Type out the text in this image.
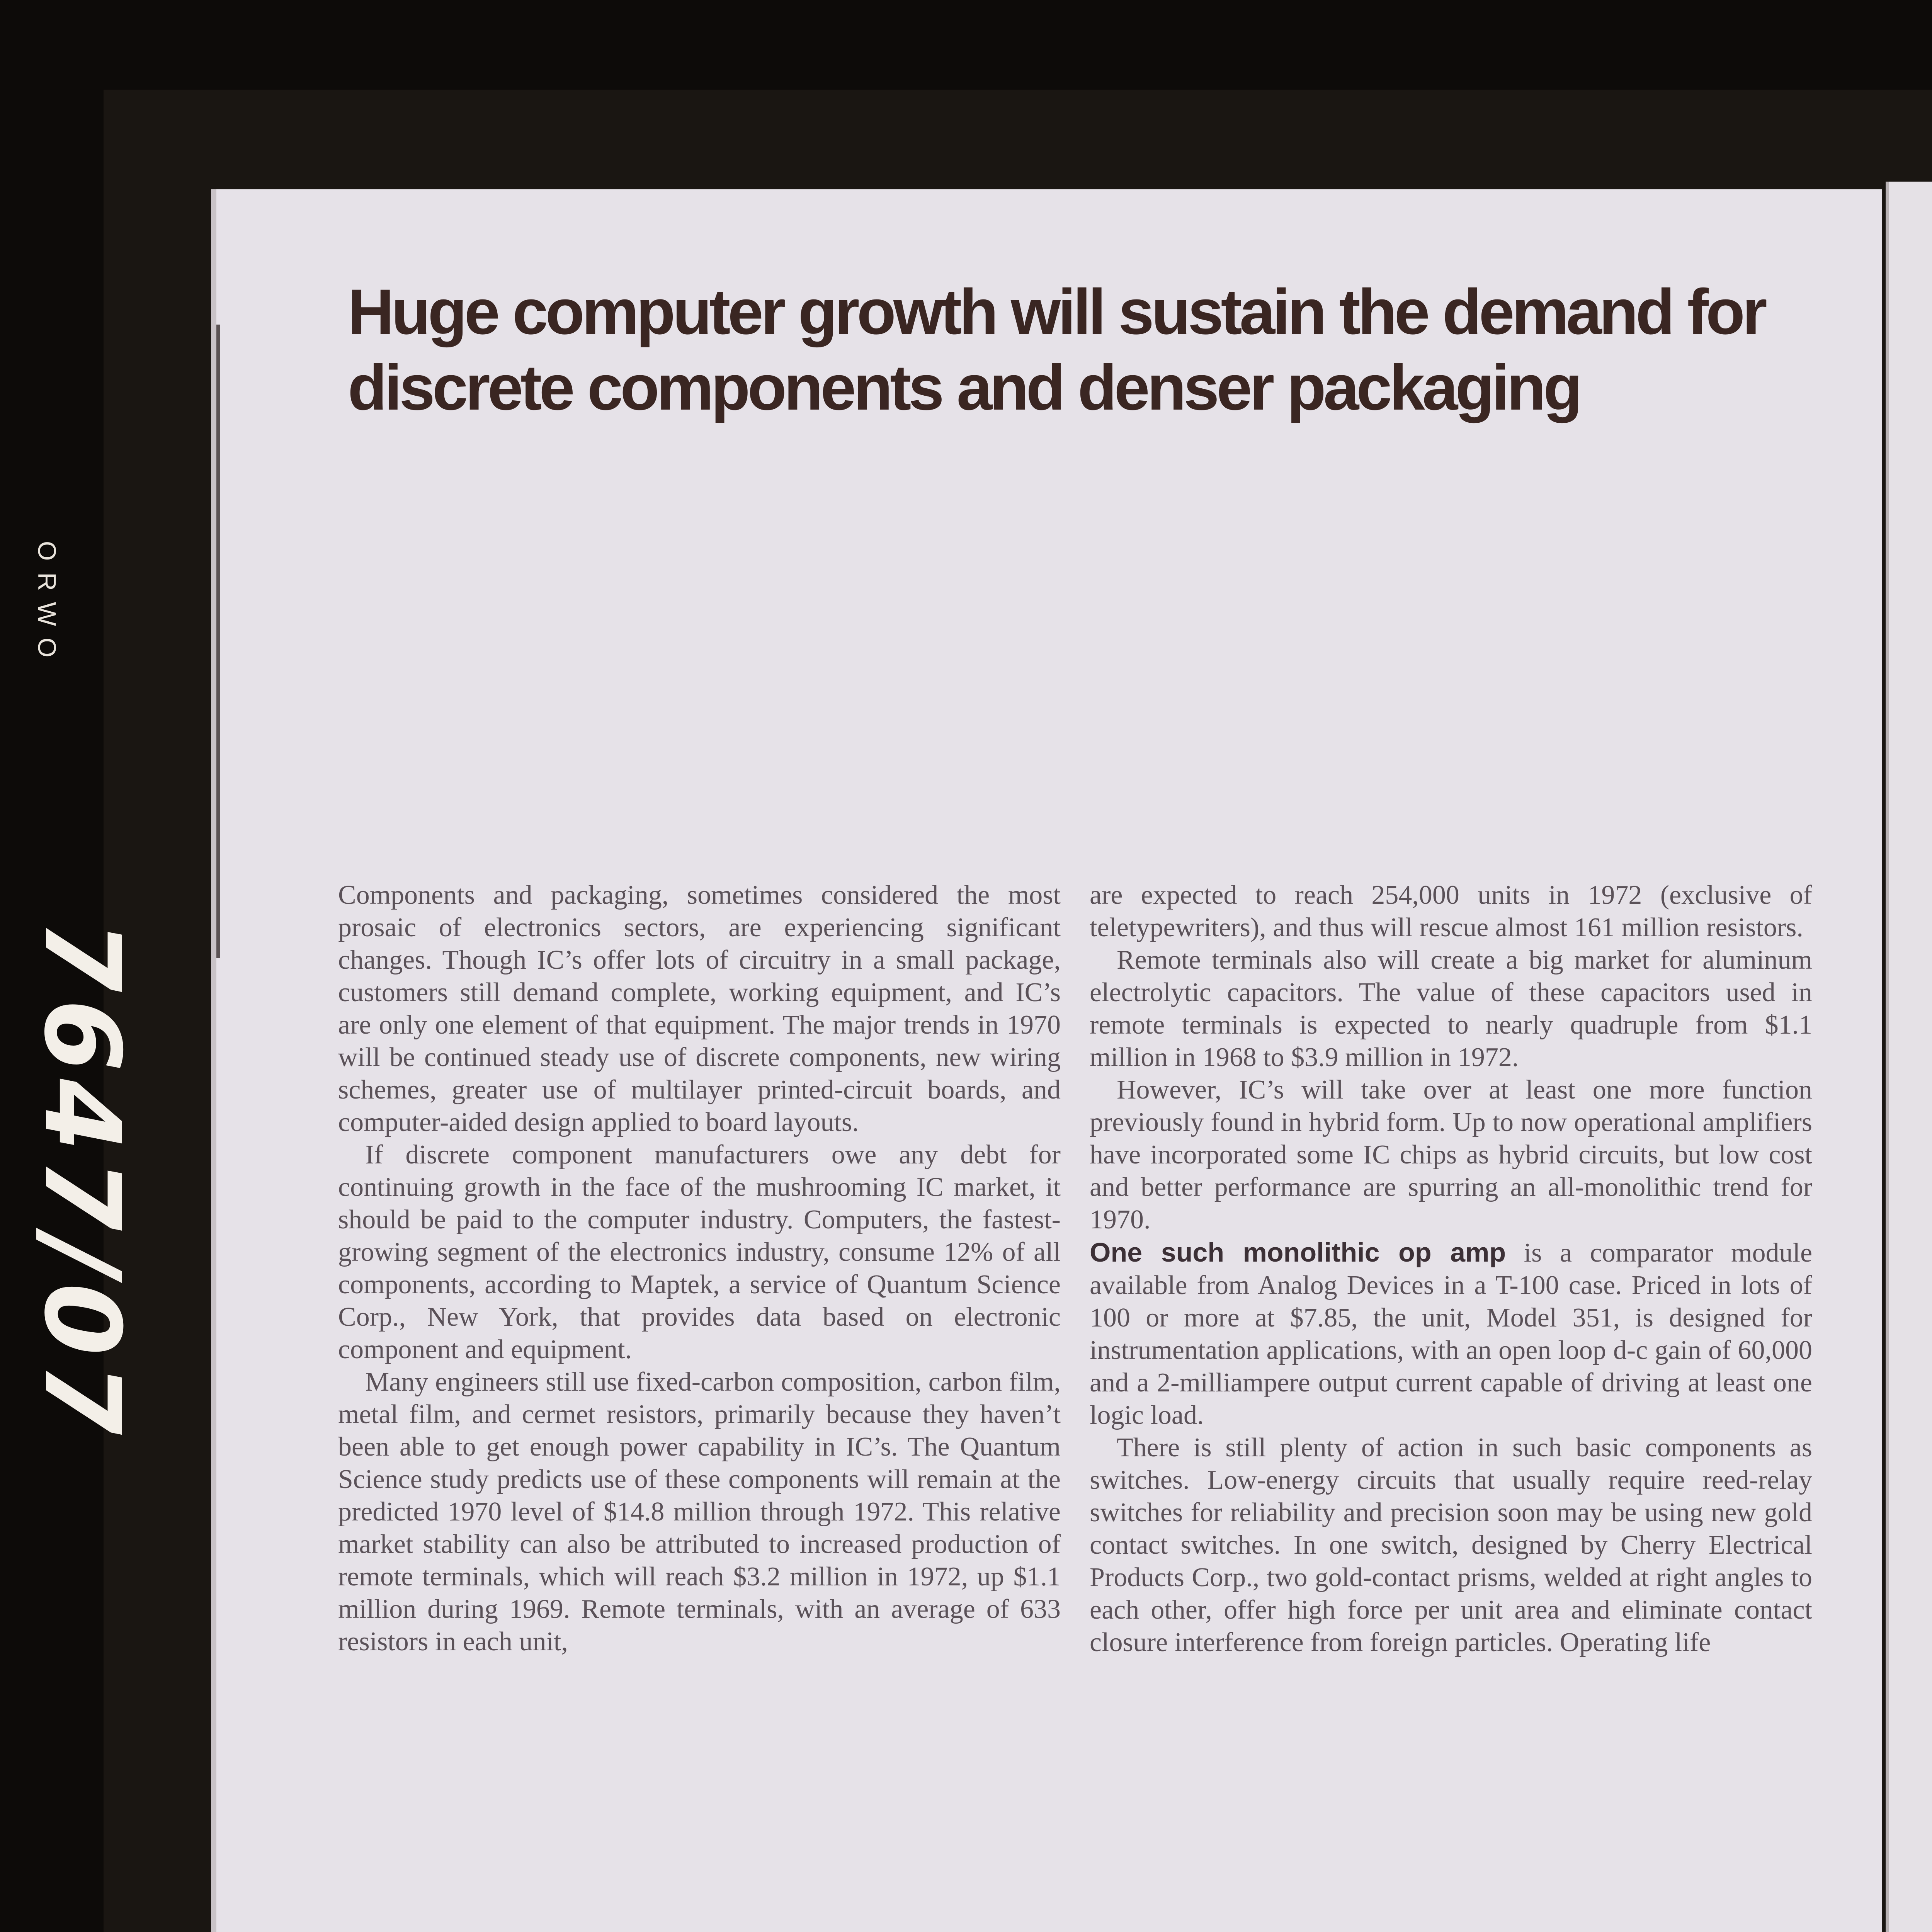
ORWO
7647/07
Huge computer growth will sustain the demand for discrete components and denser packaging

Components and packaging, sometimes considered the most prosaic of electronics sectors, are experiencing significant changes. Though IC’s offer lots of circuitry in a small package, customers still demand complete, working equipment, and IC’s are only one element of that equipment. The major trends in 1970 will be continued steady use of discrete components, new wiring schemes, greater use of multilayer printed-circuit boards, and computer-aided design applied to board layouts.

If discrete component manufacturers owe any debt for continuing growth in the face of the mushrooming IC market, it should be paid to the computer industry. Computers, the fastest-growing segment of the electronics industry, consume 12% of all components, according to Maptek, a service of Quantum Science Corp., New York, that provides data based on electronic component and equipment.

Many engineers still use fixed-carbon composition, carbon film, metal film, and cermet resistors, primarily because they haven’t been able to get enough power capability in IC’s. The Quantum Science study predicts use of these components will remain at the predicted 1970 level of $14.8 million through 1972. This relative market stability can also be attributed to increased production of remote terminals, which will reach $3.2 million in 1972, up $1.1 million during 1969. Remote terminals, with an average of 633 resistors in each unit,

are expected to reach 254,000 units in 1972 (exclusive of teletypewriters), and thus will rescue almost 161 million resistors.

Remote terminals also will create a big market for aluminum electrolytic capacitors. The value of these capacitors used in remote terminals is expected to nearly quadruple from $1.1 million in 1968 to $3.9 million in 1972.

However, IC’s will take over at least one more function previously found in hybrid form. Up to now operational amplifiers have incorporated some IC chips as hybrid circuits, but low cost and better performance are spurring an all-monolithic trend for 1970.

One such monolithic op amp is a comparator module available from Analog Devices in a T-100 case. Priced in lots of 100 or more at $7.85, the unit, Model 351, is designed for instrumentation applications, with an open loop d-c gain of 60,000 and a 2-milliampere output current capable of driving at least one logic load.

There is still plenty of action in such basic components as switches. Low-energy circuits that usually require reed-relay switches for reliability and precision soon may be using new gold contact switches. In one switch, designed by Cherry Electrical Products Corp., two gold-contact prisms, welded at right angles to each other, offer high force per unit area and eliminate contact closure interference from foreign particles. Operating life
